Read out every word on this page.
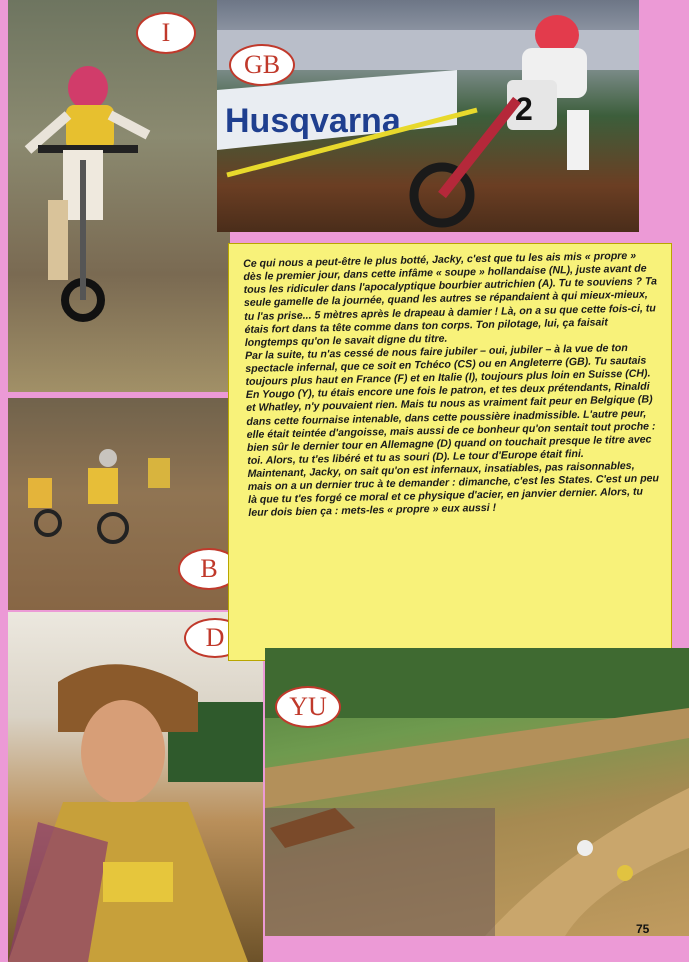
I
Husqvarna	2
GB
B
D

Ce qui nous a peut-être le plus botté, Jacky, c'est que tu les ais mis « propre » dès le premier jour, dans cette infâme « soupe » hollandaise (NL), juste avant de tous les ridiculer dans l'apocalyptique bourbier autrichien (A). Tu te souviens ? Ta seule gamelle de la journée, quand les autres se répandaient à qui mieux-mieux, tu l'as prise... 5 mètres après le drapeau à damier ! Là, on a su que cette fois-ci, tu étais fort dans ta tête comme dans ton corps. Ton pilotage, lui, ça faisait longtemps qu'on le savait digne du titre.
Par la suite, tu n'as cessé de nous faire jubiler – oui, jubiler – à la vue de ton spectacle infernal, que ce soit en Tchéco (CS) ou en Angleterre (GB). Tu sautais toujours plus haut en France (F) et en Italie (I), toujours plus loin en Suisse (CH). En Yougo (Y), tu étais encore une fois le patron, et tes deux prétendants, Rinaldi et Whatley, n'y pouvaient rien. Mais tu nous as vraiment fait peur en Belgique (B) dans cette fournaise intenable, dans cette poussière inadmissible. L'autre peur, elle était teintée d'angoisse, mais aussi de ce bonheur qu'on sentait tout proche : bien sûr le dernier tour en Allemagne (D) quand on touchait presque le titre avec toi. Alors, tu t'es libéré et tu as souri (D). Le tour d'Europe était fini.
Maintenant, Jacky, on sait qu'on est infernaux, insatiables, pas raisonnables, mais on a un dernier truc à te demander : dimanche, c'est les States. C'est un peu là que tu t'es forgé ce moral et ce physique d'acier, en janvier dernier. Alors, tu leur dois bien ça : mets-les « propre » eux aussi !

YU
75
